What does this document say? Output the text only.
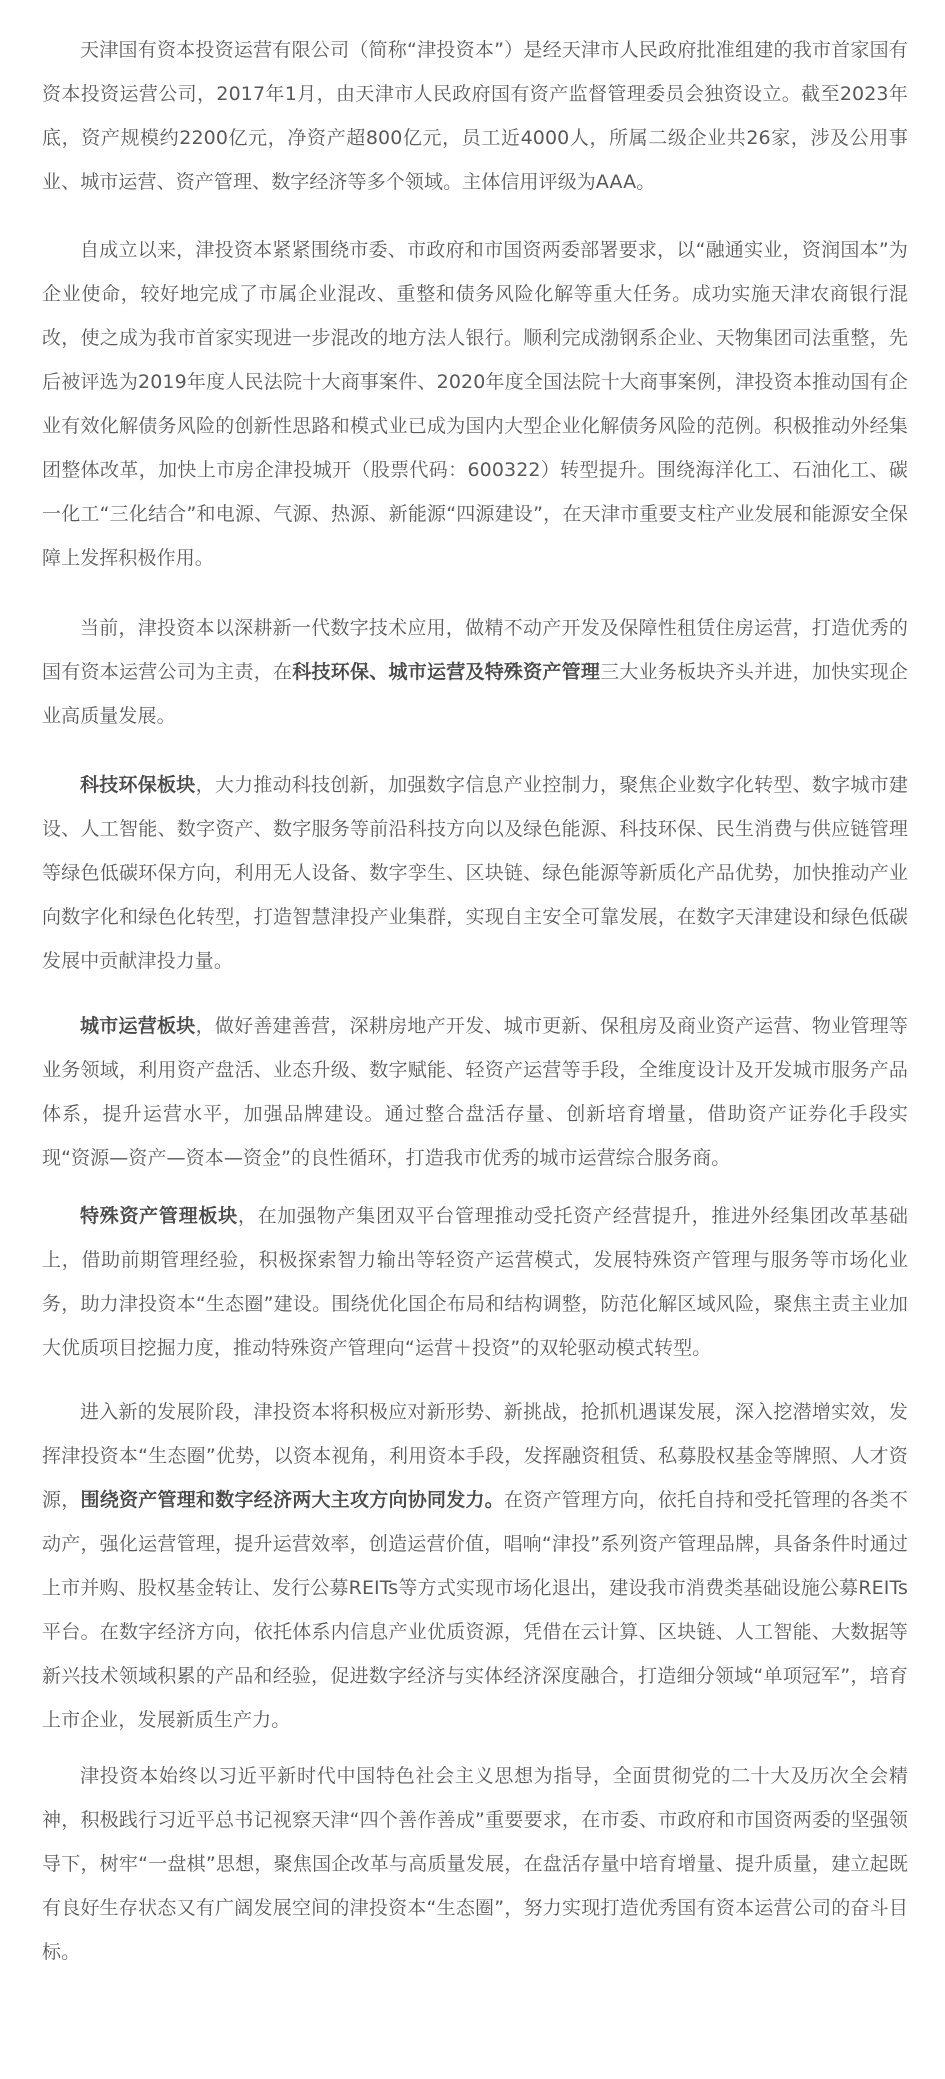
天津国有资本投资运营有限公司（简称“津投资本”）是经天津市人民政府批准组建的我市首家国有资本投资运营公司，2017年1月，由天津市人民政府国有资产监督管理委员会独资设立。截至2023年底，资产规模约2200亿元，净资产超800亿元，员工近4000人，所属二级企业共26家，涉及公用事业、城市运营、资产管理、数字经济等多个领域。主体信用评级为AAA。

自成立以来，津投资本紧紧围绕市委、市政府和市国资两委部署要求，以“融通实业，资润国本”为企业使命，较好地完成了市属企业混改、重整和债务风险化解等重大任务。成功实施天津农商银行混改，使之成为我市首家实现进一步混改的地方法人银行。顺利完成渤钢系企业、天物集团司法重整，先后被评选为2019年度人民法院十大商事案件、2020年度全国法院十大商事案例，津投资本推动国有企业有效化解债务风险的创新性思路和模式业已成为国内大型企业化解债务风险的范例。积极推动外经集团整体改革，加快上市房企津投城开（股票代码：600322）转型提升。围绕海洋化工、石油化工、碳一化工“三化结合”和电源、气源、热源、新能源“四源建设”，在天津市重要支柱产业发展和能源安全保障上发挥积极作用。

当前，津投资本以深耕新一代数字技术应用，做精不动产开发及保障性租赁住房运营，打造优秀的国有资本运营公司为主责，在科技环保、城市运营及特殊资产管理三大业务板块齐头并进，加快实现企业高质量发展。

科技环保板块，大力推动科技创新，加强数字信息产业控制力，聚焦企业数字化转型、数字城市建设、人工智能、数字资产、数字服务等前沿科技方向以及绿色能源、科技环保、民生消费与供应链管理等绿色低碳环保方向，利用无人设备、数字孪生、区块链、绿色能源等新质化产品优势，加快推动产业向数字化和绿色化转型，打造智慧津投产业集群，实现自主安全可靠发展，在数字天津建设和绿色低碳发展中贡献津投力量。

城市运营板块，做好善建善营，深耕房地产开发、城市更新、保租房及商业资产运营、物业管理等业务领域，利用资产盘活、业态升级、数字赋能、轻资产运营等手段，全维度设计及开发城市服务产品体系，提升运营水平，加强品牌建设。通过整合盘活存量、创新培育增量，借助资产证券化手段实现“资源—资产—资本—资金”的良性循环，打造我市优秀的城市运营综合服务商。

特殊资产管理板块，在加强物产集团双平台管理推动受托资产经营提升，推进外经集团改革基础上，借助前期管理经验，积极探索智力输出等轻资产运营模式，发展特殊资产管理与服务等市场化业务，助力津投资本“生态圈”建设。围绕优化国企布局和结构调整，防范化解区域风险，聚焦主责主业加大优质项目挖掘力度，推动特殊资产管理向“运营＋投资”的双轮驱动模式转型。

进入新的发展阶段，津投资本将积极应对新形势、新挑战，抢抓机遇谋发展，深入挖潜增实效，发挥津投资本“生态圈”优势，以资本视角，利用资本手段，发挥融资租赁、私募股权基金等牌照、人才资源，围绕资产管理和数字经济两大主攻方向协同发力。在资产管理方向，依托自持和受托管理的各类不动产，强化运营管理，提升运营效率，创造运营价值，唱响“津投”系列资产管理品牌，具备条件时通过上市并购、股权基金转让、发行公募REITs等方式实现市场化退出，建设我市消费类基础设施公募REITs平台。在数字经济方向，依托体系内信息产业优质资源，凭借在云计算、区块链、人工智能、大数据等新兴技术领域积累的产品和经验，促进数字经济与实体经济深度融合，打造细分领域“单项冠军”，培育上市企业，发展新质生产力。

津投资本始终以习近平新时代中国特色社会主义思想为指导，全面贯彻党的二十大及历次全会精神，积极践行习近平总书记视察天津“四个善作善成”重要要求，在市委、市政府和市国资两委的坚强领导下，树牢“一盘棋”思想，聚焦国企改革与高质量发展，在盘活存量中培育增量、提升质量，建立起既有良好生存状态又有广阔发展空间的津投资本“生态圈”，努力实现打造优秀国有资本运营公司的奋斗目标。
